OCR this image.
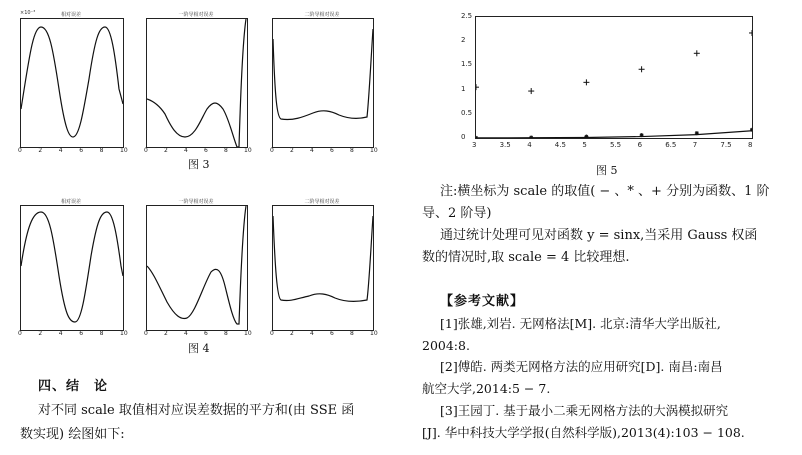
×10⁻³	相对误差	一阶导相对误差	二阶导相对误差
图 3
相对误差	一阶导相对误差	二阶导相对误差
图 4
四、结　论
对不同 scale 取值相对应误差数据的平方和(由 SSE 函
数实现) 绘图如下:
0
0.5
1
1.5
2
2.5
3	3.5 4	4.5 5	5.5 6	6.5 7	7.5 8
图 5
注:横坐标为 scale 的取值( − 、* 、+ 分别为函数、1 阶
导、2 阶导)
通过统计处理可见对函数 y = sinx,当采用 Gauss 权函
数的情况时,取 scale = 4 比较理想.
【参考文献】
[1]张雄,刘岩. 无网格法[M]. 北京:清华大学出版社,
2004:8.
[2]傅皓. 两类无网格方法的应用研究[D]. 南昌:南昌
航空大学,2014:5 − 7.
[3]王园丁. 基于最小二乘无网格方法的大涡模拟研究
[J]. 华中科技大学学报(自然科学版),2013(4):103 − 108.
0	2	4	6	8	10	0	2	4	6	8	10	0	2	4	6	8	10
0	2	4	6	8	10	0	2	4	6	8	10	0	2	4	6	8	10
